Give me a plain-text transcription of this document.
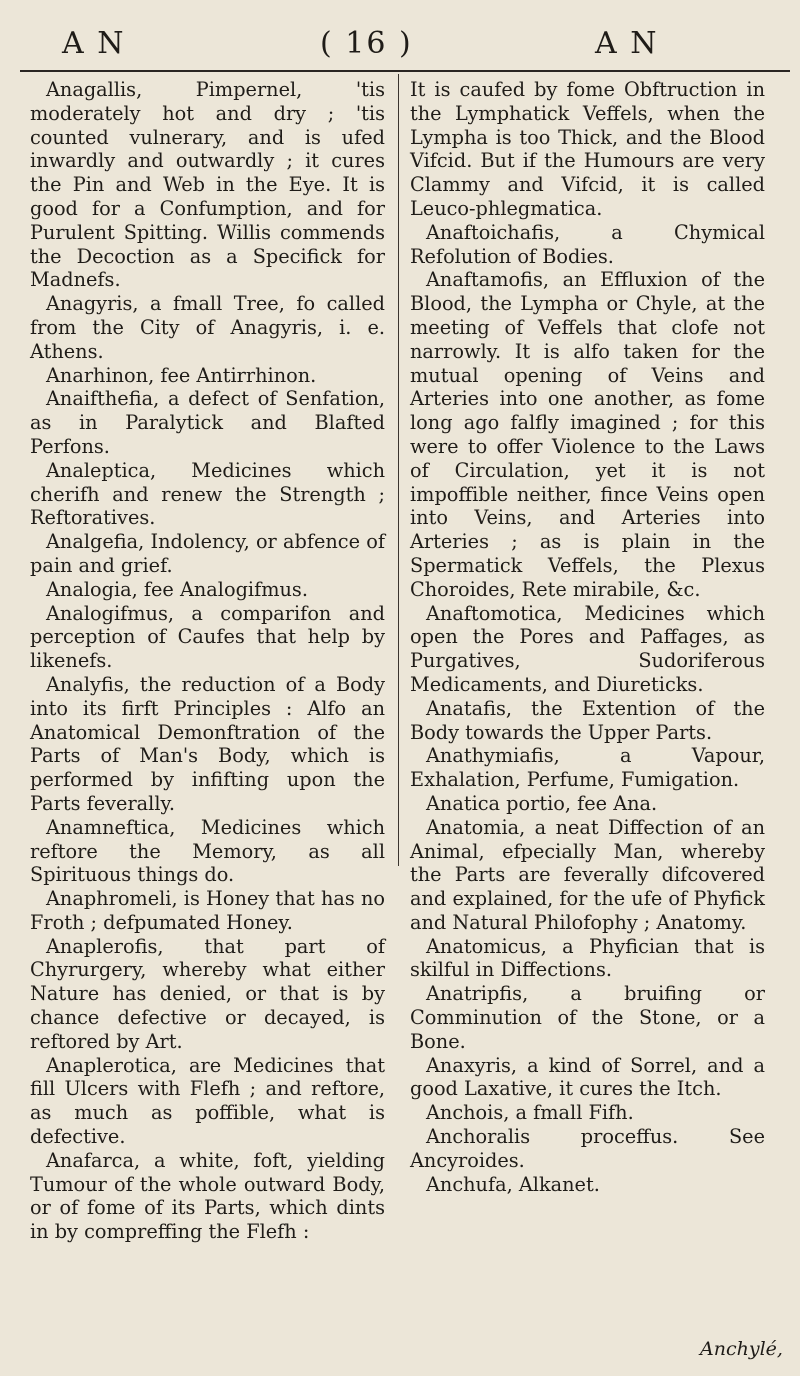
A N	( 16 )	A N

Anagallis, Pimpernel, 'tis moderately hot and dry ; 'tis counted vulnerary, and is ufed inwardly and outwardly ; it cures the Pin and Web in the Eye. It is good for a Confumption, and for Purulent Spitting. Willis commends the Decoction as a Specifick for Madnefs.

Anagyris, a fmall Tree, fo called from the City of Anagyris, i. e. Athens.

Anarhinon, fee Antirrhinon.

Anaifthefia, a defect of Senfation, as in Paralytick and Blafted Perfons.

Analeptica, Medicines which cherifh and renew the Strength ; Reftoratives.

Analgefia, Indolency, or abfence of pain and grief.

Analogia, fee Analogifmus.

Analogifmus, a comparifon and perception of Caufes that help by likenefs.

Analyfis, the reduction of a Body into its firft Principles : Alfo an Anatomical Demonftration of the Parts of Man's Body, which is performed by infifting upon the Parts feverally.

Anamneftica, Medicines which reftore the Memory, as all Spirituous things do.

Anaphromeli, is Honey that has no Froth ; defpumated Honey.

Anaplerofis, that part of Chyrurgery, whereby what either Nature has denied, or that is by chance defective or decayed, is reftored by Art.

Anaplerotica, are Medicines that fill Ulcers with Flefh ; and reftore, as much as poffible, what is defective.

Anafarca, a white, foft, yielding Tumour of the whole outward Body, or of fome of its Parts, which dints in by compreffing the Flefh :

It is caufed by fome Obftruction in the Lymphatick Veffels, when the Lympha is too Thick, and the Blood Vifcid. But if the Humours are very Clammy and Vifcid, it is called Leuco-phlegmatica.

Anaftoichafis, a Chymical Refolution of Bodies.

Anaftamofis, an Effluxion of the Blood, the Lympha or Chyle, at the meeting of Veffels that clofe not narrowly. It is alfo taken for the mutual opening of Veins and Arteries into one another, as fome long ago falfly imagined ; for this were to offer Violence to the Laws of Circulation, yet it is not impoffible neither, fince Veins open into Veins, and Arteries into Arteries ; as is plain in the Spermatick Veffels, the Plexus Choroides, Rete mirabile, &c.

Anaftomotica, Medicines which open the Pores and Paffages, as Purgatives, Sudoriferous Medicaments, and Diureticks.

Anatafis, the Extention of the Body towards the Upper Parts.

Anathymiafis, a Vapour, Exhalation, Perfume, Fumigation.

Anatica portio, fee Ana.

Anatomia, a neat Diffection of an Animal, efpecially Man, whereby the Parts are feverally difcovered and explained, for the ufe of Phyfick and Natural Philofophy ; Anatomy.

Anatomicus, a Phyfician that is skilful in Diffections.

Anatripfis, a bruifing or Comminution of the Stone, or a Bone.

Anaxyris, a kind of Sorrel, and a good Laxative, it cures the Itch.

Anchois, a fmall Fifh.

Anchoralis proceffus. See Ancyroides.

Anchufa, Alkanet.

Anchylé,
